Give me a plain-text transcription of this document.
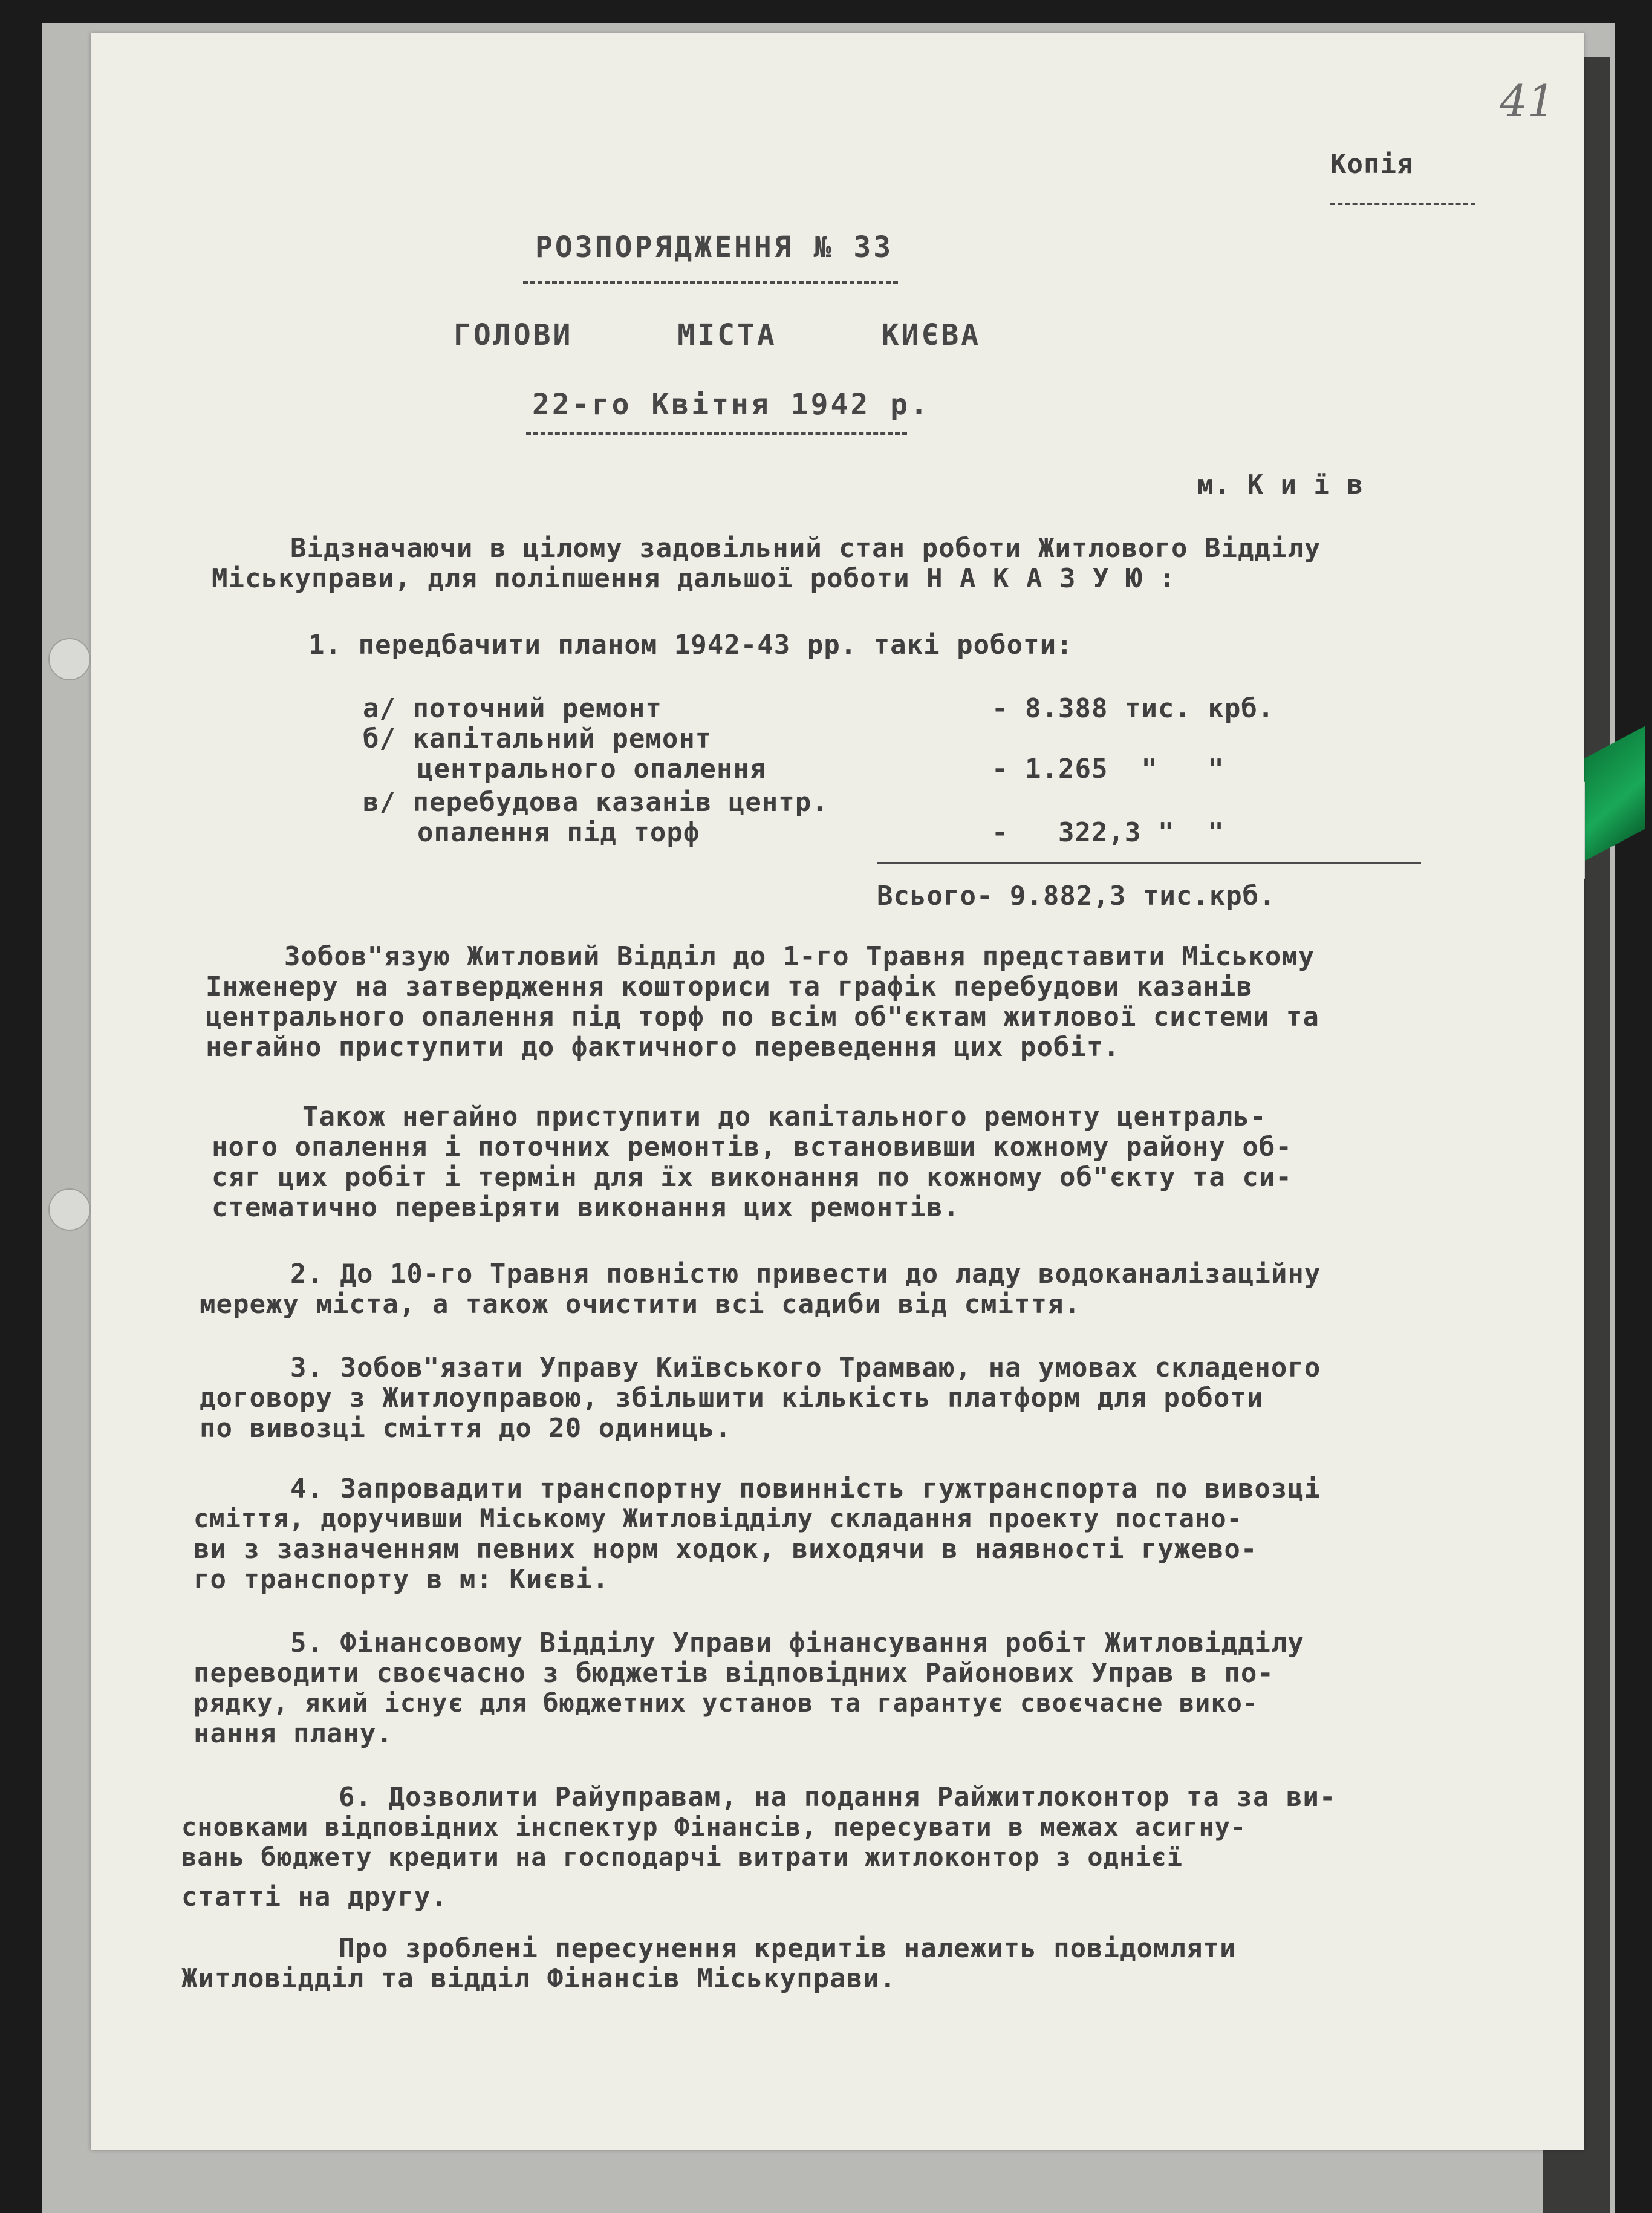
41
Копія
РОЗПОРЯДЖЕННЯ № 33
ГОЛОВИ МІСТА КИЄВА
22-го Квітня 1942 р.
м. К и ї в
Відзначаючи в цілому задовільний стан роботи Житлового Відділу
Міськуправи, для поліпшення дальшої роботи Н А К А З У Ю :
1. передбачити планом 1942-43 рр. такі роботи:
а/ поточний ремонт	- 8.388 тис. крб.
б/ капітальний ремонт
центрального опалення	- 1.265  "   "
в/ перебудова казанів центр.
опалення під торф	-   322,3 "  "
Всього- 9.882,3 тис.крб.
Зобов"язую Житловий Відділ до 1-го Травня представити Міському
Інженеру на затвердження кошториси та графік перебудови казанів
центрального опалення під торф по всім об"єктам житлової системи та
негайно приступити до фактичного переведення цих робіт.
Також негайно приступити до капітального ремонту централь-
ного опалення і поточних ремонтів, встановивши кожному району об-
сяг цих робіт і термін для їх виконання по кожному об"єкту та си-
стематично перевіряти виконання цих ремонтів.
2. До 10-го Травня повністю привести до ладу водоканалізаційну
мережу міста, а також очистити всі садиби від сміття.
3. Зобов"язати Управу Київського Трамваю, на умовах складеного
договору з Житлоуправою, збільшити кількість платформ для роботи
по вивозці сміття до 20 одиниць.
4. Запровадити транспортну повинність гужтранспорта по вивозці
сміття, доручивши Міському Житловідділу складання проекту постано-
ви з зазначенням певних норм ходок, виходячи в наявності гужево-
го транспорту в м: Києві.
5. Фінансовому Відділу Управи фінансування робіт Житловідділу
переводити своєчасно з бюджетів відповідних Районових Управ в по-
рядку, який існує для бюджетних установ та гарантує своєчасне вико-
нання плану.
6. Дозволити Райуправам, на подання Райжитлоконтор та за ви-
сновками відповідних інспектур Фінансів, пересувати в межах асигну-
вань бюджету кредити на господарчі витрати житлоконтор з однієї
статті на другу.
Про зроблені пересунення кредитів належить повідомляти
Житловідділ та відділ Фінансів Міськуправи.
